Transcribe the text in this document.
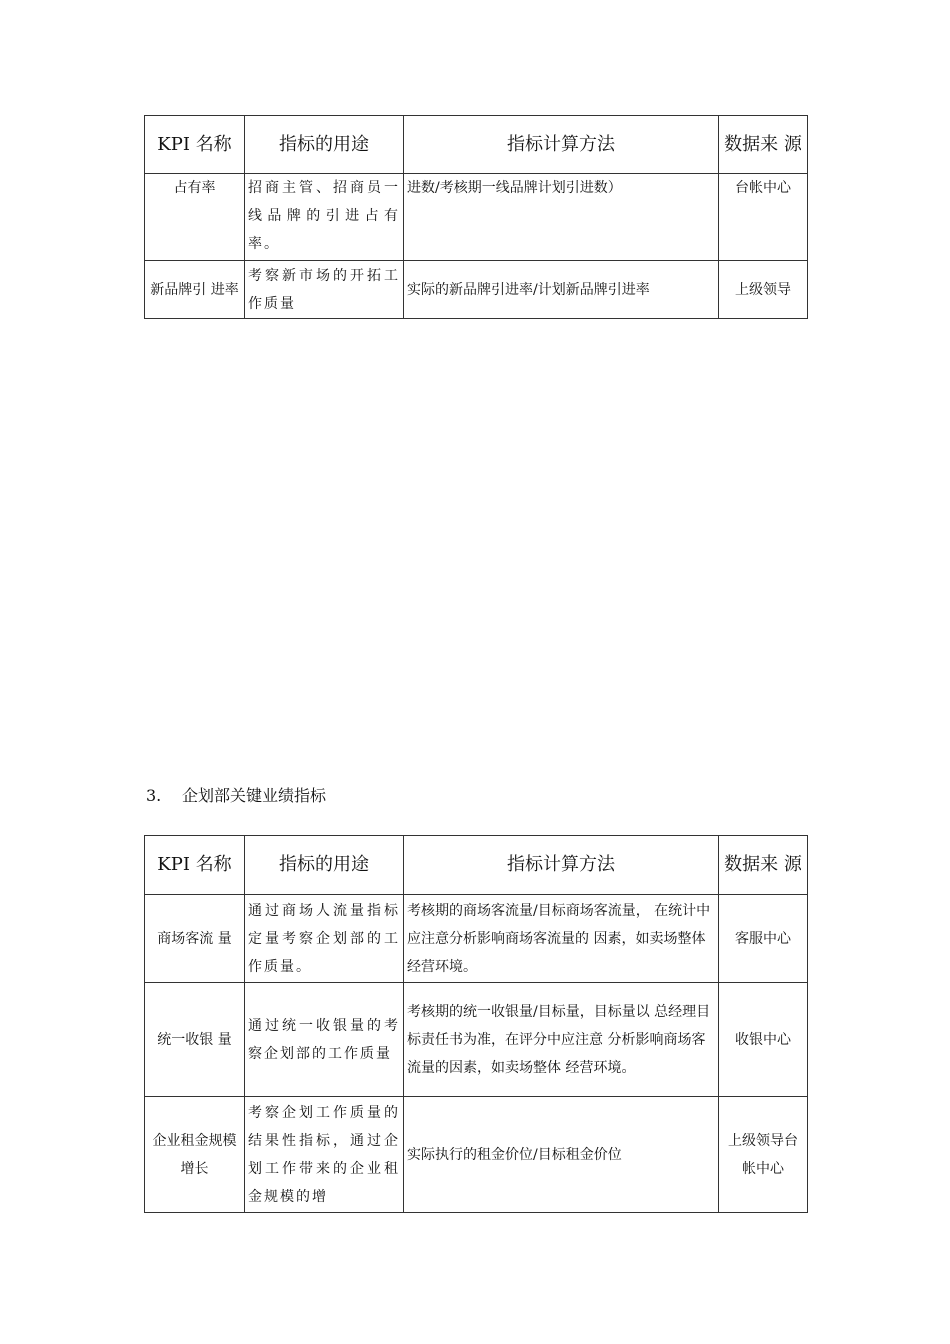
KPI 名称	指标的用途	指标计算方法	数据来 源
占有率	招商主管、招商员一线品牌的引进占有率。	进数/考核期一线品牌计划引进数）	台帐中心
新品牌引 进率	考察新市场的开拓工作质量	实际的新品牌引进率/计划新品牌引进率	上级领导
3. 企划部关键业绩指标
KPI 名称	指标的用途	指标计算方法	数据来 源
商场客流 量	通过商场人流量指标定量考察企划部的工作质量。	考核期的商场客流量/目标商场客流量， 在统计中应注意分析影响商场客流量的 因素，如卖场整体经营环境。	客服中心
统一收银 量	通过统一收银量的考察企划部的工作质量	考核期的统一收银量/目标量，目标量以 总经理目标责任书为准，在评分中应注意 分析影响商场客流量的因素，如卖场整体 经营环境。	收银中心
企业租金规模增长	考察企划工作质量的结果性指标，通过企划工作带来的企业租金规模的增	实际执行的租金价位/目标租金价位	上级领导台帐中心
